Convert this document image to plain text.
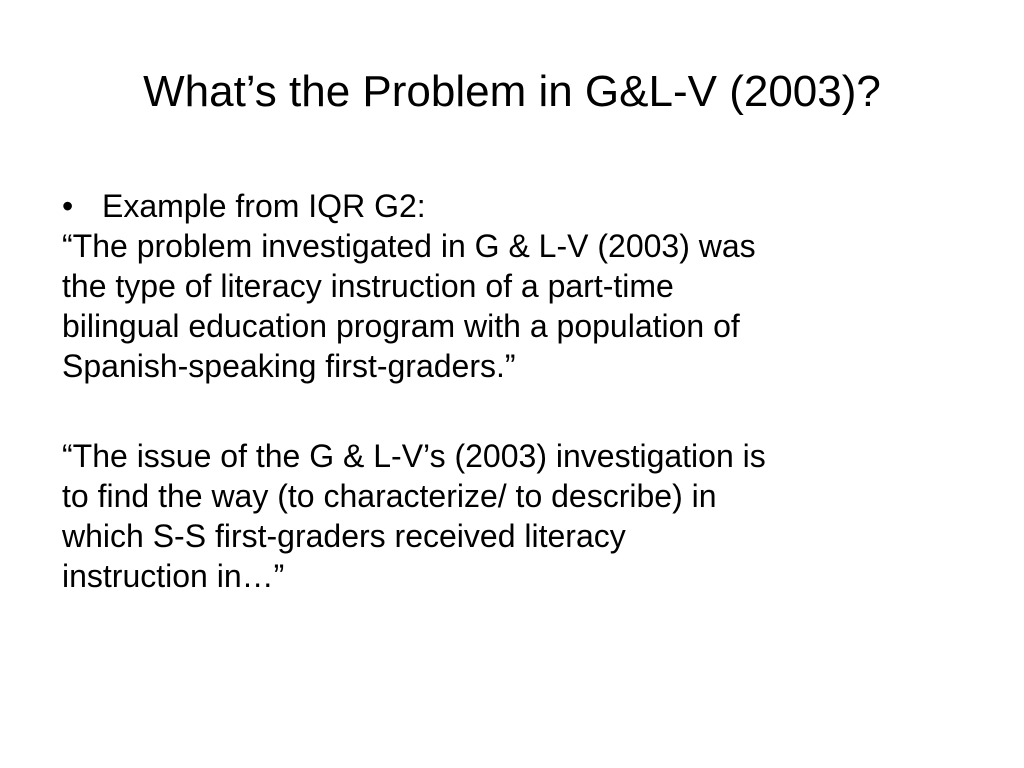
What’s the Problem in G&L-V (2003)?

• Example from IQR G2:

“The problem investigated in G & L-V (2003) was
the type of literacy instruction of a part-time
bilingual education program with a population of
Spanish-speaking first-graders.”

“The issue of the G & L-V’s (2003) investigation is
to find the way (to characterize/ to describe) in
which S-S first-graders received literacy
instruction in…”
